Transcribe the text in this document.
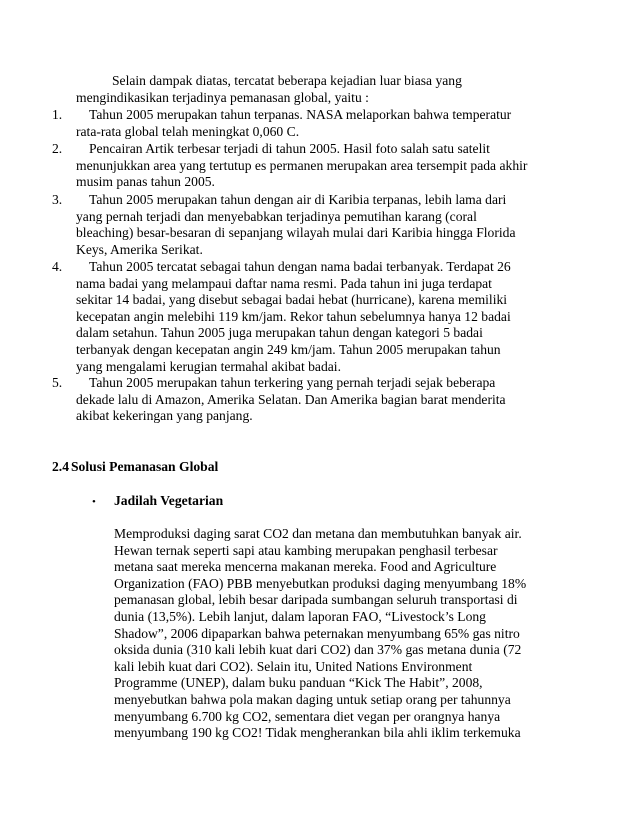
Selain dampak diatas, tercatat beberapa kejadian luar biasa yang
mengindikasikan terjadinya pemanasan global, yaitu :
1.	Tahun 2005 merupakan tahun terpanas. NASA melaporkan bahwa temperatur
rata-rata global telah meningkat 0,060 C.
2.	Pencairan Artik terbesar terjadi di tahun 2005. Hasil foto salah satu satelit
menunjukkan area yang tertutup es permanen merupakan area tersempit pada akhir
musim panas tahun 2005.
3.	Tahun 2005 merupakan tahun dengan air di Karibia terpanas, lebih lama dari
yang pernah terjadi dan menyebabkan terjadinya pemutihan karang (coral
bleaching) besar-besaran di sepanjang wilayah mulai dari Karibia hingga Florida
Keys, Amerika Serikat.
4.	Tahun 2005 tercatat sebagai tahun dengan nama badai terbanyak. Terdapat 26
nama badai yang melampaui daftar nama resmi. Pada tahun ini juga terdapat
sekitar 14 badai, yang disebut sebagai badai hebat (hurricane), karena memiliki
kecepatan angin melebihi 119 km/jam. Rekor tahun sebelumnya hanya 12 badai
dalam setahun. Tahun 2005 juga merupakan tahun dengan kategori 5 badai
terbanyak dengan kecepatan angin 249 km/jam. Tahun 2005 merupakan tahun
yang mengalami kerugian termahal akibat badai.
5.	Tahun 2005 merupakan tahun terkering yang pernah terjadi sejak beberapa
dekade lalu di Amazon, Amerika Selatan. Dan Amerika bagian barat menderita
akibat kekeringan yang panjang.
2.4 Solusi Pemanasan Global
• Jadilah Vegetarian
Memproduksi daging sarat CO2 dan metana dan membutuhkan banyak air.
Hewan ternak seperti sapi atau kambing merupakan penghasil terbesar
metana saat mereka mencerna makanan mereka. Food and Agriculture
Organization (FAO) PBB menyebutkan produksi daging menyumbang 18%
pemanasan global, lebih besar daripada sumbangan seluruh transportasi di
dunia (13,5%). Lebih lanjut, dalam laporan FAO, “Livestock’s Long
Shadow”, 2006 dipaparkan bahwa peternakan menyumbang 65% gas nitro
oksida dunia (310 kali lebih kuat dari CO2) dan 37% gas metana dunia (72
kali lebih kuat dari CO2). Selain itu, United Nations Environment
Programme (UNEP), dalam buku panduan “Kick The Habit”, 2008,
menyebutkan bahwa pola makan daging untuk setiap orang per tahunnya
menyumbang 6.700 kg CO2, sementara diet vegan per orangnya hanya
menyumbang 190 kg CO2! Tidak mengherankan bila ahli iklim terkemuka
